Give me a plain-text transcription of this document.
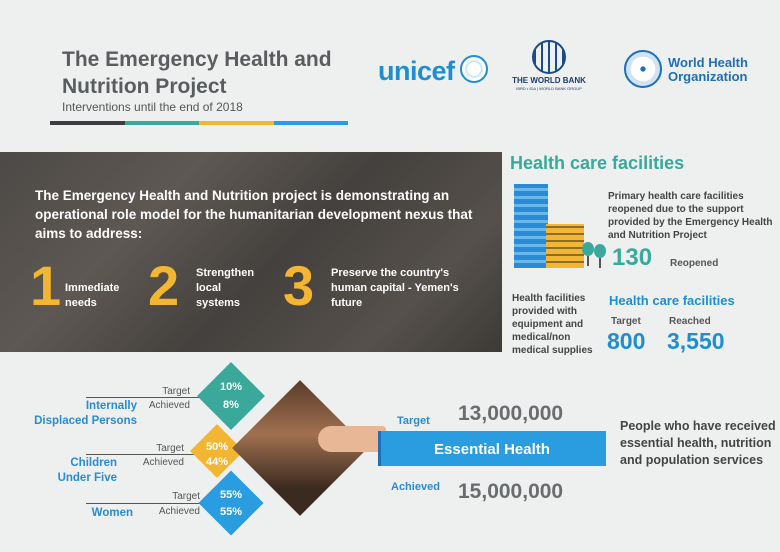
The Emergency Health and Nutrition Project
Interventions until the end of 2018
unicef	THE WORLD BANK
IBRD • IDA | WORLD BANK GROUP
World Health
Organization
The Emergency Health and Nutrition project is demonstrating an operational role model for the humanitarian development nexus that aims to address:
1 Immediate needs 2 Strengthen local systems 3 Preserve the country's human capital - Yemen's future
Health care facilities
Primary health care facilities reopened due to the support provided by the Emergency Health and Nutrition Project
130 Reopened
Health facilities provided with equipment and medical/non medical supplies
Health care facilities
Target	Reached
800 3,550
Internally
Displaced Persons
Target
Achieved
10%
8%
Children
Under Five
Target
Achieved
50%
44%
Women
Target
Achieved
55%
55%
Target 13,000,000
Essential Health
Achieved 15,000,000
People who have received essential health, nutrition and population services
